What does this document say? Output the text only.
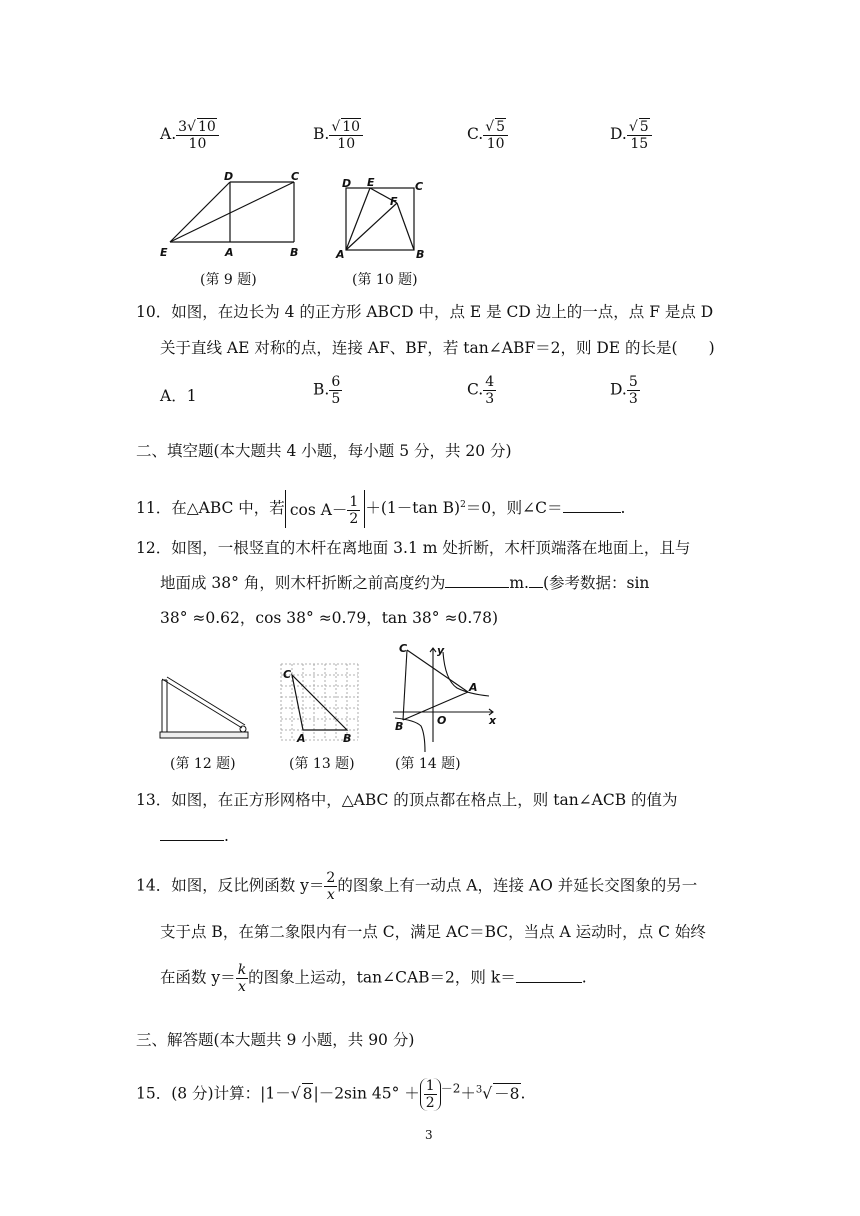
A. $\frac{3√ 10}{10}$	B. $\frac{√ 10}{10}$	C. $\frac{√ 5}{10}$	D. $\frac{√ 5}{15}$
D	C
E	A	B
(第 9 题)
D E	C
F
A	B
(第 10 题)
10．如图，在边长为 4 的正方形 ABCD 中，点 E 是 CD 边上的一点，点 F 是点 D
关于直线 AE 对称的点，连接 AF、BF，若 tan∠ABF＝2，则 DE 的长是(　　)
A．1	B. $\frac{6}{5}$	C. $\frac{4}{3}$	D. $\frac{5}{3}$
二、填空题(本大题共 4 小题，每小题 5 分，共 20 分)
11．在△ABC 中，若 $\cos A- \frac{1}{2} +(1-\tan$ B)$^2$＝0，则∠C＝	.
12．如图，一根竖直的木杆在离地面 3.1 m 处折断，木杆顶端落在地面上，且与
地面成 38° 角，则木杆折断之前高度约为	m. (参考数据：sin
38° ≈0.62，cos 38° ≈0.79，tan 38° ≈0.78)
(第 12 题)
C
A	B
(第 13 题)
C	y
A
B	O	x
(第 14 题)
13．如图，在正方形网格中，△ABC 的顶点都在格点上，则 tan∠ACB 的值为
.
14．如图，反比例函数 $y= \frac{2}{x}$ 的图象上有一动点 A，连接 AO 并延长交图象的另一
支于点 B，在第二象限内有一点 C，满足 AC＝BC，当点 A 运动时，点 C 始终
在函数 $y= \frac{k}{x}$ 的图象上运动，tan∠CAB＝2，则 k＝	.
三、解答题(本大题共 9 小题，共 90 分)
15．(8 分)计算：|1－√ 8|－2sin $45^\circ + \frac{1}{2} ^{-2}+^3√ -8$.
3
